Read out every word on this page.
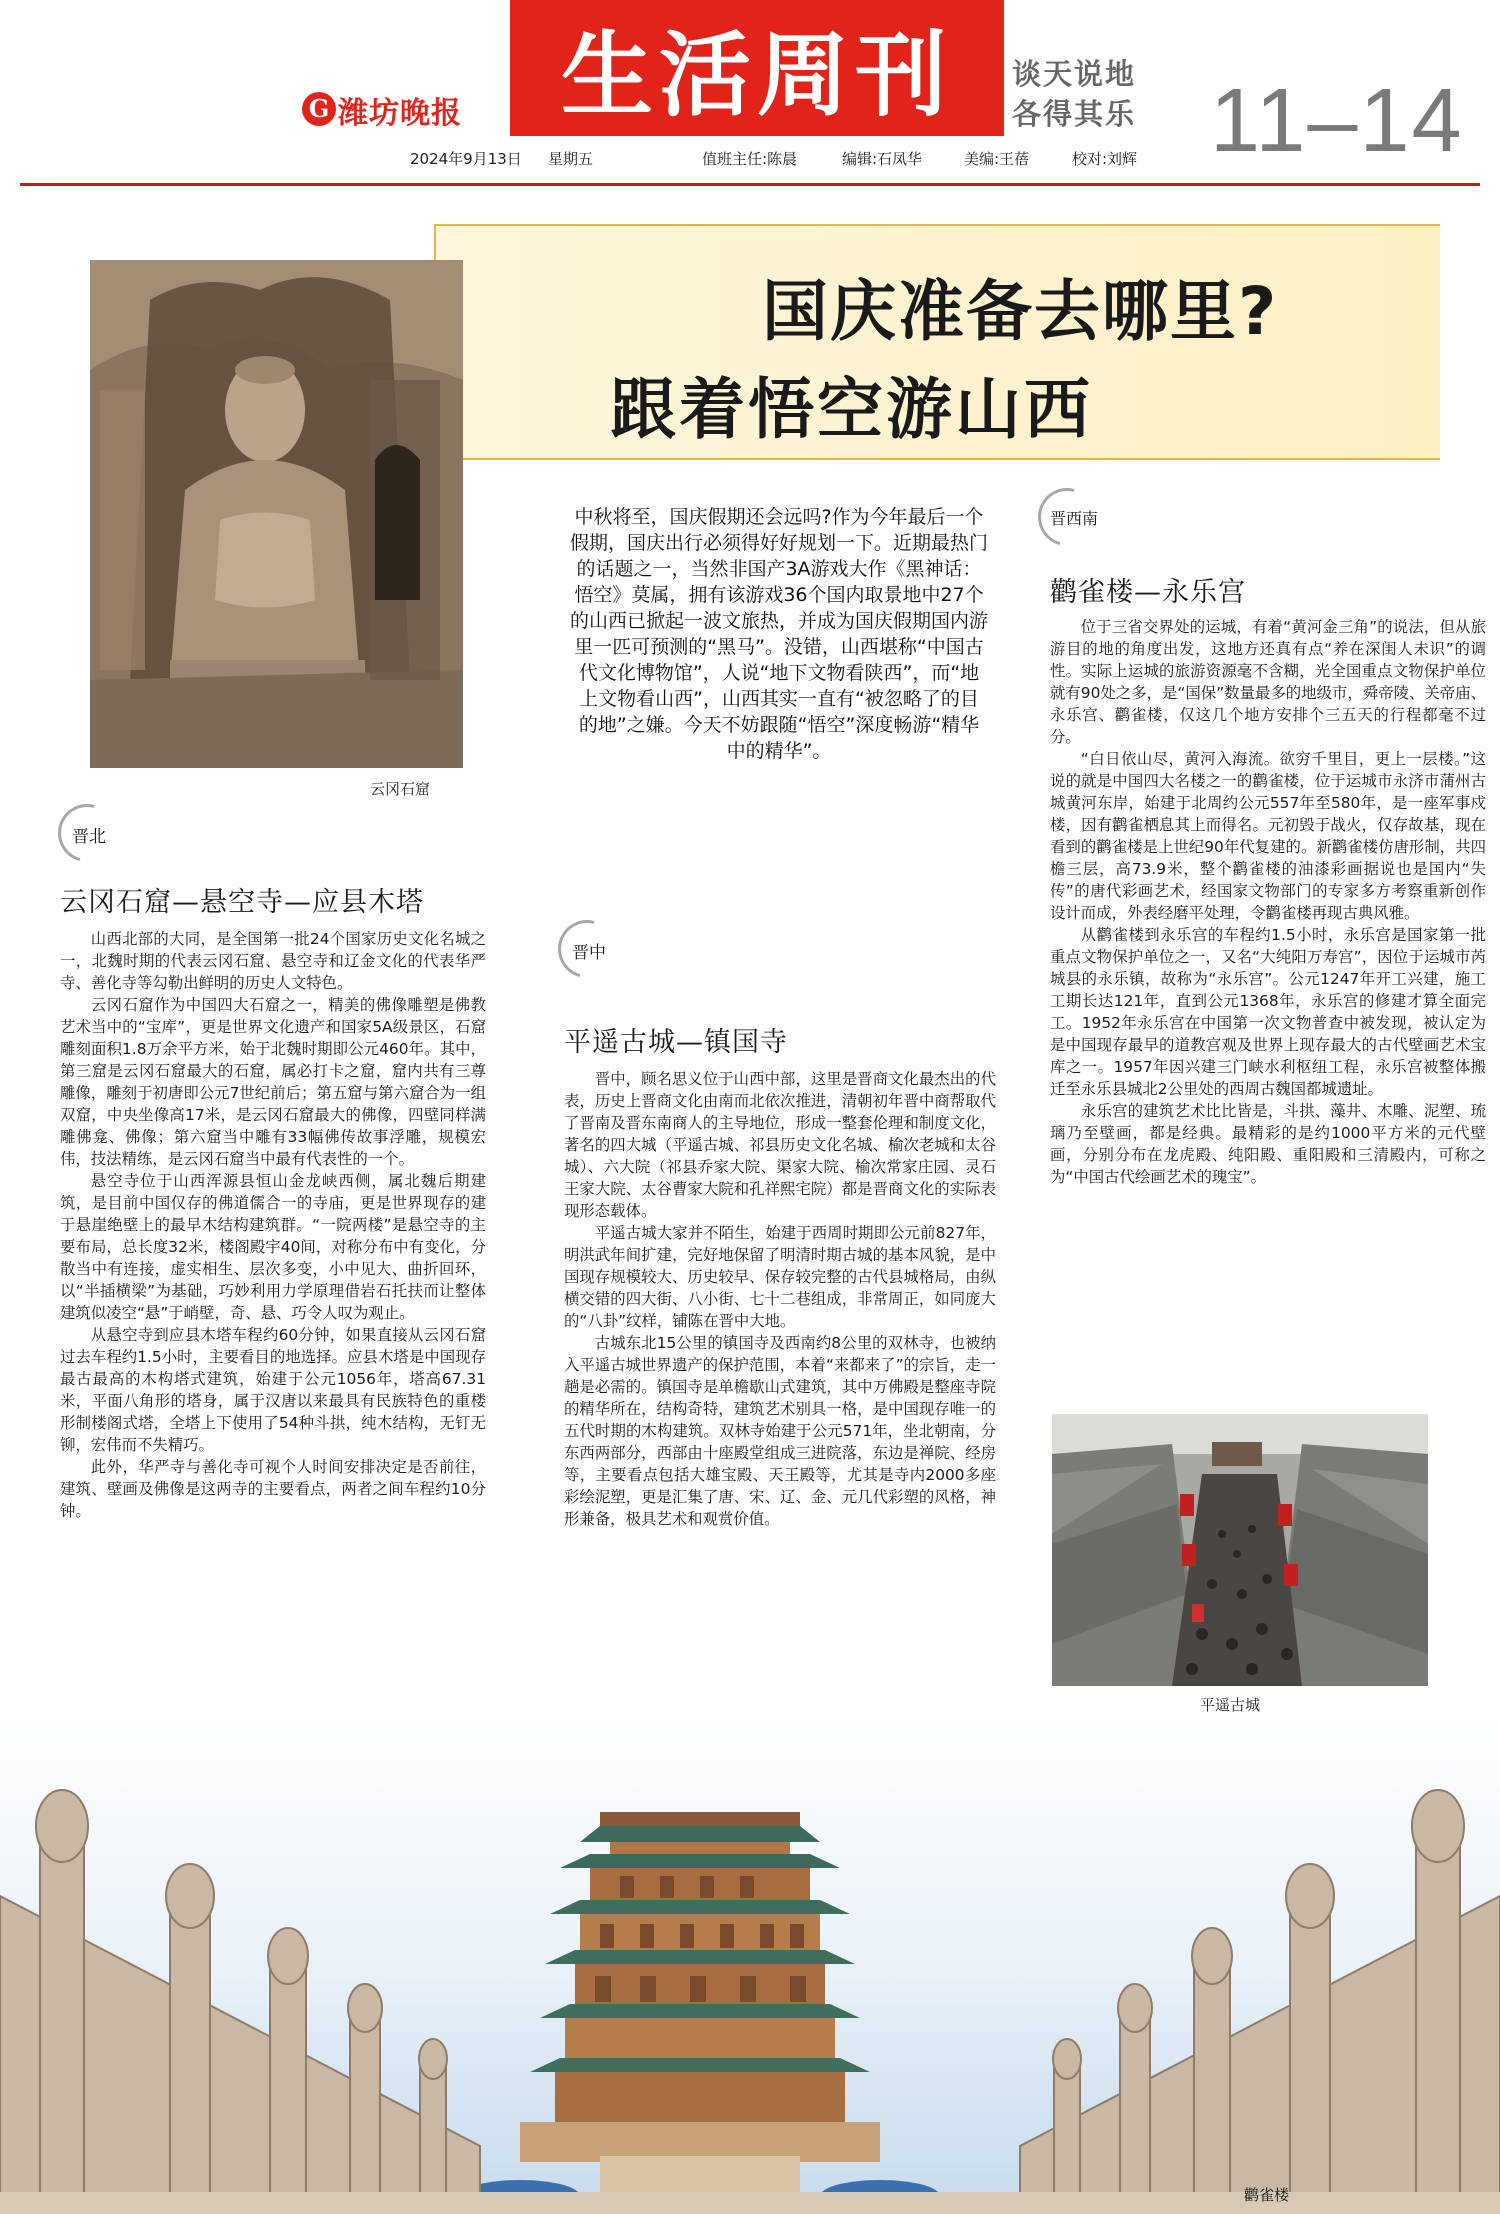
G 潍坊晚报 生活周刊 谈天说地
各得其乐 11–14
2024年9月13日 星期五	值班主任:陈晨	编辑:石凤华	美编:王蓓	校对:刘辉
国庆准备去哪里?
跟着悟空游山西
云冈石窟
中秋将至，国庆假期还会远吗?作为今年最后一个假期，国庆出行必须得好好规划一下。近期最热门的话题之一，当然非国产3A游戏大作《黑神话：悟空》莫属，拥有该游戏36个国内取景地中27个的山西已掀起一波文旅热，并成为国庆假期国内游里一匹可预测的“黑马”。没错，山西堪称“中国古代文化博物馆”，人说“地下文物看陕西”，而“地上文物看山西”，山西其实一直有“被忽略了的目的地”之嫌。今天不妨跟随“悟空”深度畅游“精华中的精华”。
晋北
云冈石窟—悬空寺—应县木塔

山西北部的大同，是全国第一批24个国家历史文化名城之一，北魏时期的代表云冈石窟、悬空寺和辽金文化的代表华严寺、善化寺等勾勒出鲜明的历史人文特色。

云冈石窟作为中国四大石窟之一，精美的佛像雕塑是佛教艺术当中的“宝库”，更是世界文化遗产和国家5A级景区，石窟雕刻面积1.8万余平方米，始于北魏时期即公元460年。其中，第三窟是云冈石窟最大的石窟，属必打卡之窟，窟内共有三尊雕像，雕刻于初唐即公元7世纪前后；第五窟与第六窟合为一组双窟，中央坐像高17米，是云冈石窟最大的佛像，四壁同样满雕佛龛、佛像；第六窟当中雕有33幅佛传故事浮雕，规模宏伟，技法精练，是云冈石窟当中最有代表性的一个。

悬空寺位于山西浑源县恒山金龙峡西侧，属北魏后期建筑，是目前中国仅存的佛道儒合一的寺庙，更是世界现存的建于悬崖绝壁上的最早木结构建筑群。“一院两楼”是悬空寺的主要布局，总长度32米，楼阁殿宇40间，对称分布中有变化，分散当中有连接，虚实相生、层次多变，小中见大、曲折回环，以“半插横梁”为基础，巧妙利用力学原理借岩石托扶而让整体建筑似凌空“悬”于峭壁，奇、悬、巧令人叹为观止。

从悬空寺到应县木塔车程约60分钟，如果直接从云冈石窟过去车程约1.5小时，主要看目的地选择。应县木塔是中国现存最古最高的木构塔式建筑，始建于公元1056年，塔高67.31米，平面八角形的塔身，属于汉唐以来最具有民族特色的重楼形制楼阁式塔，全塔上下使用了54种斗拱，纯木结构，无钉无铆，宏伟而不失精巧。

此外，华严寺与善化寺可视个人时间安排决定是否前往，建筑、壁画及佛像是这两寺的主要看点，两者之间车程约10分钟。

晋中
平遥古城—镇国寺

晋中，顾名思义位于山西中部，这里是晋商文化最杰出的代表，历史上晋商文化由南而北依次推进，清朝初年晋中商帮取代了晋南及晋东南商人的主导地位，形成一整套伦理和制度文化，著名的四大城（平遥古城、祁县历史文化名城、榆次老城和太谷城）、六大院（祁县乔家大院、渠家大院、榆次常家庄园、灵石王家大院、太谷曹家大院和孔祥熙宅院）都是晋商文化的实际表现形态载体。

平遥古城大家并不陌生，始建于西周时期即公元前827年，明洪武年间扩建，完好地保留了明清时期古城的基本风貌，是中国现存规模较大、历史较早、保存较完整的古代县城格局，由纵横交错的四大街、八小街、七十二巷组成，非常周正，如同庞大的“八卦”纹样，铺陈在晋中大地。

古城东北15公里的镇国寺及西南约8公里的双林寺，也被纳入平遥古城世界遗产的保护范围，本着“来都来了”的宗旨，走一趟是必需的。镇国寺是单檐歇山式建筑，其中万佛殿是整座寺院的精华所在，结构奇特，建筑艺术别具一格，是中国现存唯一的五代时期的木构建筑。双林寺始建于公元571年，坐北朝南，分东西两部分，西部由十座殿堂组成三进院落，东边是禅院、经房等，主要看点包括大雄宝殿、天王殿等，尤其是寺内2000多座彩绘泥塑，更是汇集了唐、宋、辽、金、元几代彩塑的风格，神形兼备，极具艺术和观赏价值。

晋西南
鹳雀楼—永乐宫

位于三省交界处的运城，有着“黄河金三角”的说法，但从旅游目的地的角度出发，这地方还真有点“养在深闺人未识”的调性。实际上运城的旅游资源毫不含糊，光全国重点文物保护单位就有90处之多，是“国保”数量最多的地级市，舜帝陵、关帝庙、永乐宫、鹳雀楼，仅这几个地方安排个三五天的行程都毫不过分。

“白日依山尽，黄河入海流。欲穷千里目，更上一层楼。”这说的就是中国四大名楼之一的鹳雀楼，位于运城市永济市蒲州古城黄河东岸，始建于北周约公元557年至580年，是一座军事戍楼，因有鹳雀栖息其上而得名。元初毁于战火，仅存故基，现在看到的鹳雀楼是上世纪90年代复建的。新鹳雀楼仿唐形制，共四檐三层，高73.9米，整个鹳雀楼的油漆彩画据说也是国内“失传”的唐代彩画艺术，经国家文物部门的专家多方考察重新创作设计而成，外表经磨平处理，令鹳雀楼再现古典风雅。

从鹳雀楼到永乐宫的车程约1.5小时，永乐宫是国家第一批重点文物保护单位之一，又名“大纯阳万寿宫”，因位于运城市芮城县的永乐镇，故称为“永乐宫”。公元1247年开工兴建，施工工期长达121年，直到公元1368年，永乐宫的修建才算全面完工。1952年永乐宫在中国第一次文物普查中被发现，被认定为是中国现存最早的道教宫观及世界上现存最大的古代壁画艺术宝库之一。1957年因兴建三门峡水利枢纽工程，永乐宫被整体搬迁至永乐县城北2公里处的西周古魏国都城遗址。

永乐宫的建筑艺术比比皆是，斗拱、藻井、木雕、泥塑、琉璃乃至壁画，都是经典。最精彩的是约1000平方米的元代壁画，分别分布在龙虎殿、纯阳殿、重阳殿和三清殿内，可称之为“中国古代绘画艺术的瑰宝”。

平遥古城
鹳雀楼
